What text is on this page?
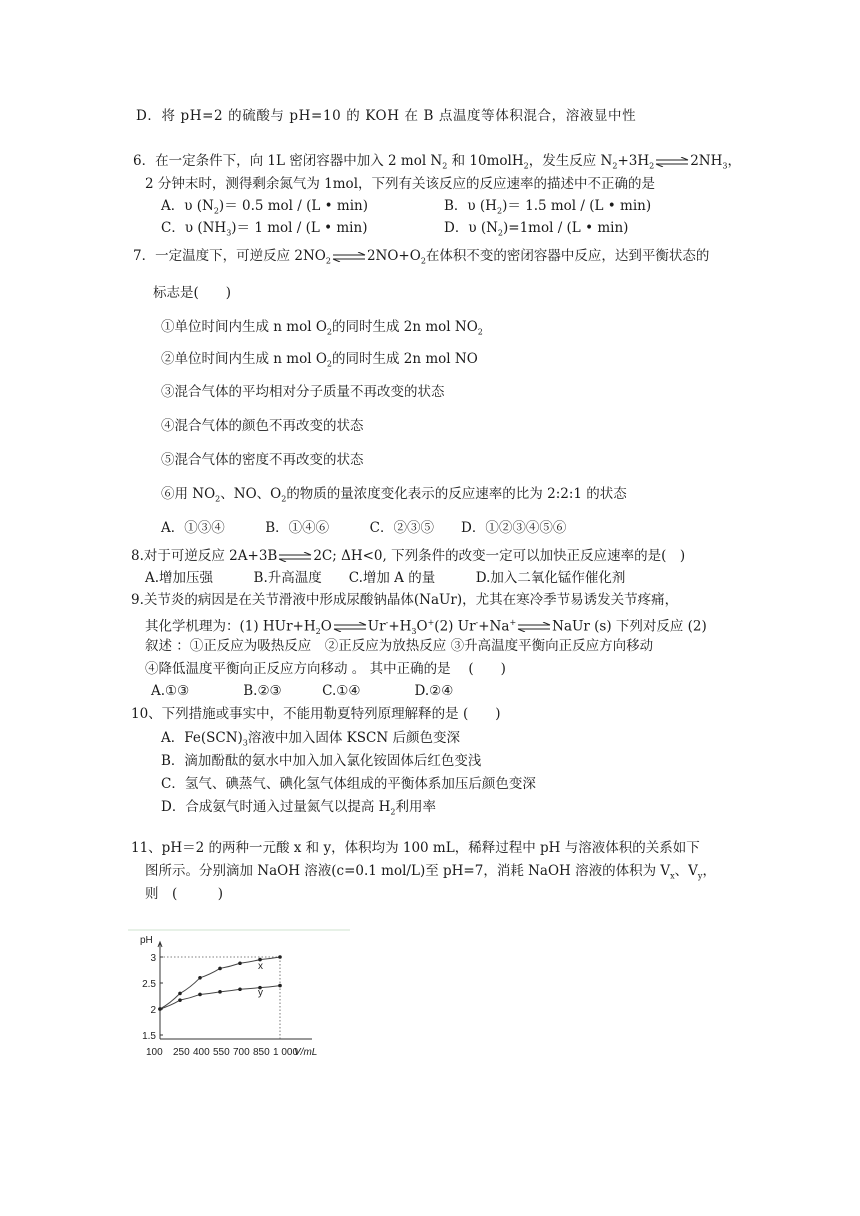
D．将 pH=2 的硫酸与 pH=10 的 KOH 在 B 点温度等体积混合，溶液显中性
6．在一定条件下，向 1L 密闭容器中加入 2 mol $N_2$ 和 10molH$_2$，发生反应 $N_2+3H_2\rightleftharpoons 2NH_3$，
2 分钟末时，测得剩余氮气为 1mol，下列有关该反应的反应速率的描述中不正确的是
A．υ $(N_2)= 0.5$ mol / (L • min)	B．υ $(H_2)= 1.5$ mol / (L • min)
C．υ $(NH_3)= 1$ mol / (L • min)	D．υ $(N_2)=1mol / (L$ • min)
7．一定温度下，可逆反应 $2NO_2\rightleftharpoons 2NO+O_2$在体积不变的密闭容器中反应，达到平衡状态的
标志是(　　)
①单位时间内生成 n mol $O_2$的同时生成 2n mol $NO_2$
②单位时间内生成 n mol $O_2$的同时生成 2n mol NO
③混合气体的平均相对分子质量不再改变的状态
④混合气体的颜色不再改变的状态
⑤混合气体的密度不再改变的状态
⑥用 $NO_2$、NO、$O_2$的物质的量浓度变化表示的反应速率的比为 2:2:1 的状态
A．①③④　　　B．①④⑥　　　C．②③⑤　　D．①②③④⑤⑥
8.对于可逆反应 2A+3B⇌2C; ΔH<0, 下列条件的改变一定可以加快正反应速率的是(　)
A.增加压强　　　B.升高温度　　C.增加 A 的量　　　D.加入二氧化锰作催化剂
9.关节炎的病因是在关节滑液中形成尿酸钠晶体(NaUr)，尤其在寒冷季节易诱发关节疼痛，
其化学机理为：(1) $HUr+H_2O\rightleftharpoons Ur^-+H_3O^+(2)$ Ur-+Na+⇌NaUr (s) 下列对反应 (2)
叙述 ：①正反应为吸热反应　②正反应为放热反应 ③升高温度平衡向正反应方向移动
④降低温度平衡向正反应方向移动 。 其中正确的是　 (　　)
A.①③　　　　B.②③　　　C.①④　　　　D.②④
10、下列措施或事实中，不能用勒夏特列原理解释的是 (　　)
A．$Fe(SCN)_3$溶液中加入固体 KSCN 后颜色变深
B．滴加酚酞的氨水中加入加入氯化铵固体后红色变浅
C．氢气、碘蒸气、碘化氢气体组成的平衡体系加压后颜色变深
D．合成氨气时通入过量氮气以提高 $H_2$利用率
11、pH＝2 的两种一元酸 x 和 y，体积均为 100 mL，稀释过程中 pH 与溶液体积的关系如下
图所示。分别滴加 NaOH 溶液(c=0.1 mol/L)至 pH=7，消耗 NaOH 溶液的体积为 $V_x$、$V_y$，
则　(　　　)
1.5
2
2.5
3
100 250 400 550 700 850 1 000
pH
V/mL
x
y
